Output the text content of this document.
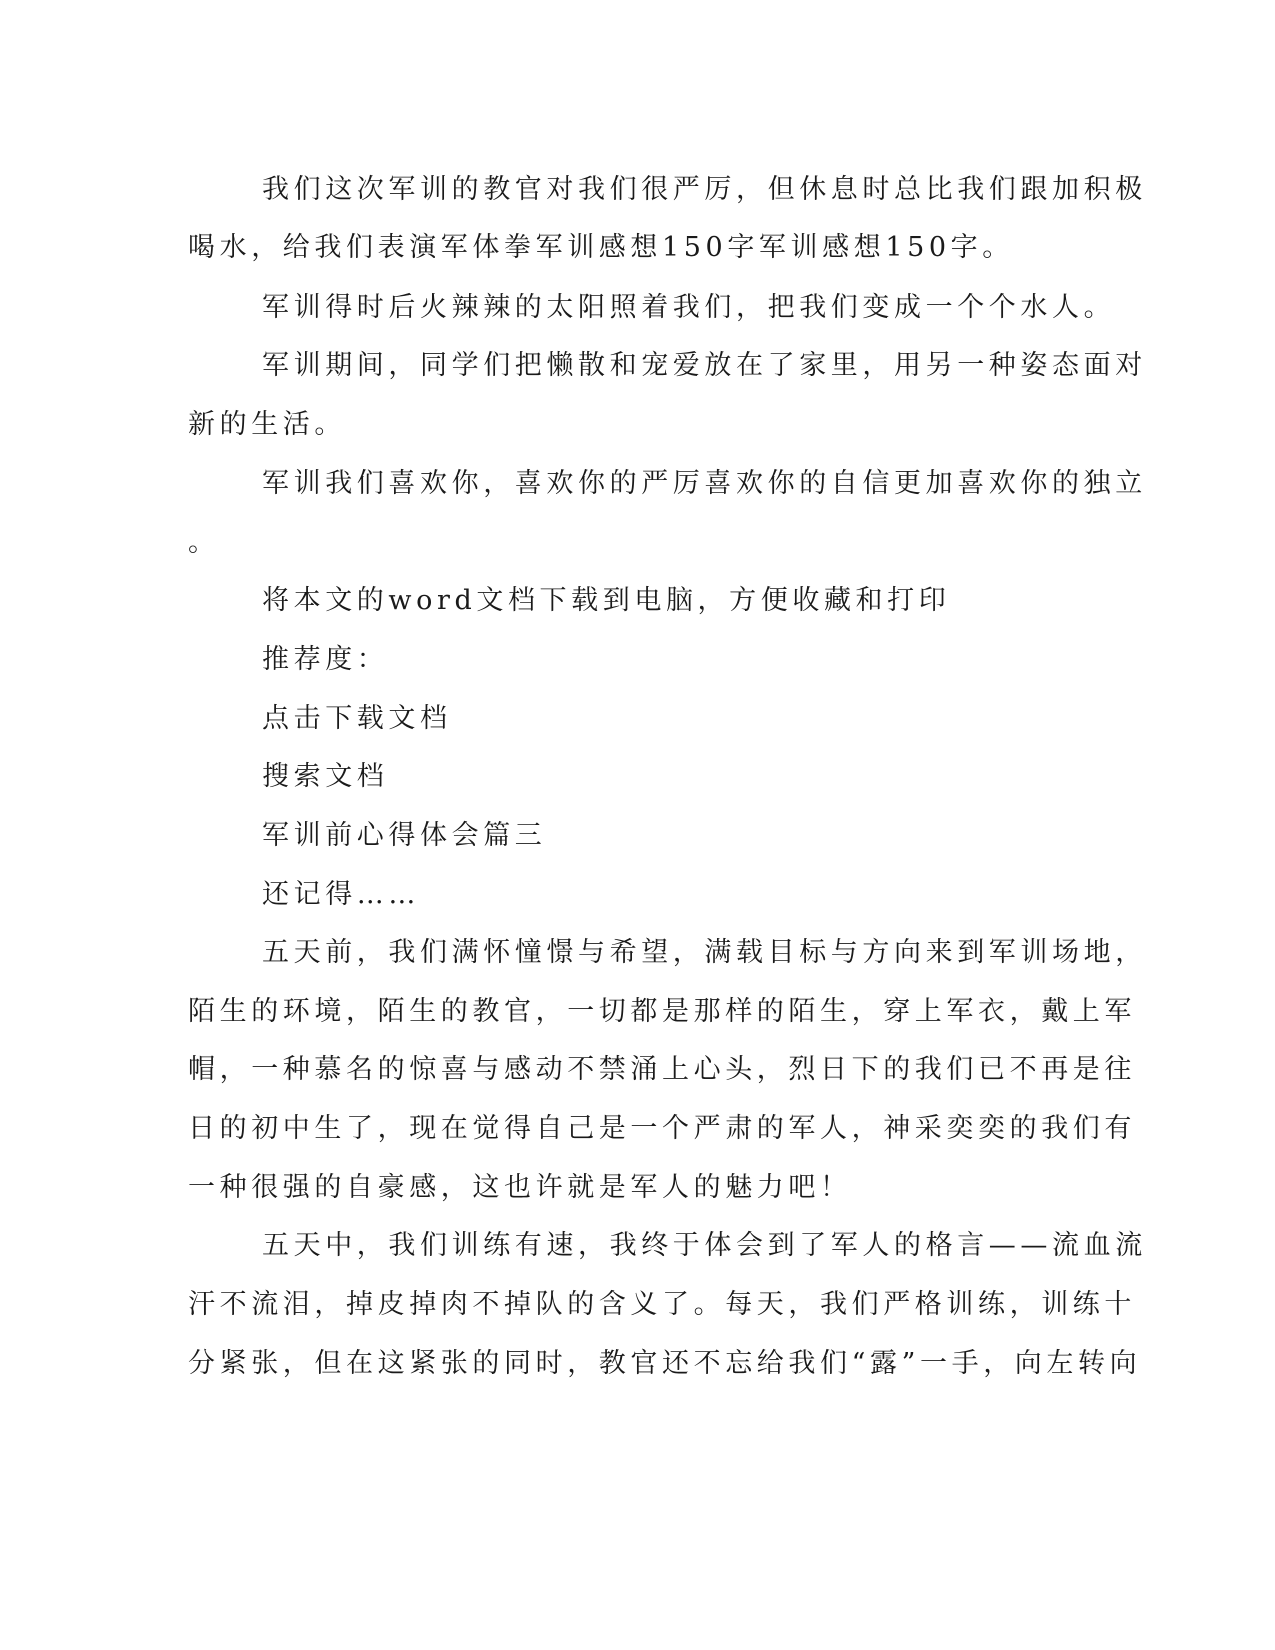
我们这次军训的教官对我们很严厉，但休息时总比我们跟加积极
喝水，给我们表演军体拳军训感想150字军训感想150字。
军训得时后火辣辣的太阳照着我们，把我们变成一个个水人。
军训期间，同学们把懒散和宠爱放在了家里，用另一种姿态面对
新的生活。
军训我们喜欢你，喜欢你的严厉喜欢你的自信更加喜欢你的独立
。
将本文的word文档下载到电脑，方便收藏和打印
推荐度：
点击下载文档
搜索文档
军训前心得体会篇三
还记得……
五天前，我们满怀憧憬与希望，满载目标与方向来到军训场地，
陌生的环境，陌生的教官，一切都是那样的陌生，穿上军衣，戴上军
帽，一种慕名的惊喜与感动不禁涌上心头，烈日下的我们已不再是往
日的初中生了，现在觉得自己是一个严肃的军人，神采奕奕的我们有
一种很强的自豪感，这也许就是军人的魅力吧！
五天中，我们训练有速，我终于体会到了军人的格言——流血流
汗不流泪，掉皮掉肉不掉队的含义了。每天，我们严格训练，训练十
分紧张，但在这紧张的同时，教官还不忘给我们“露”一手，向左转向
